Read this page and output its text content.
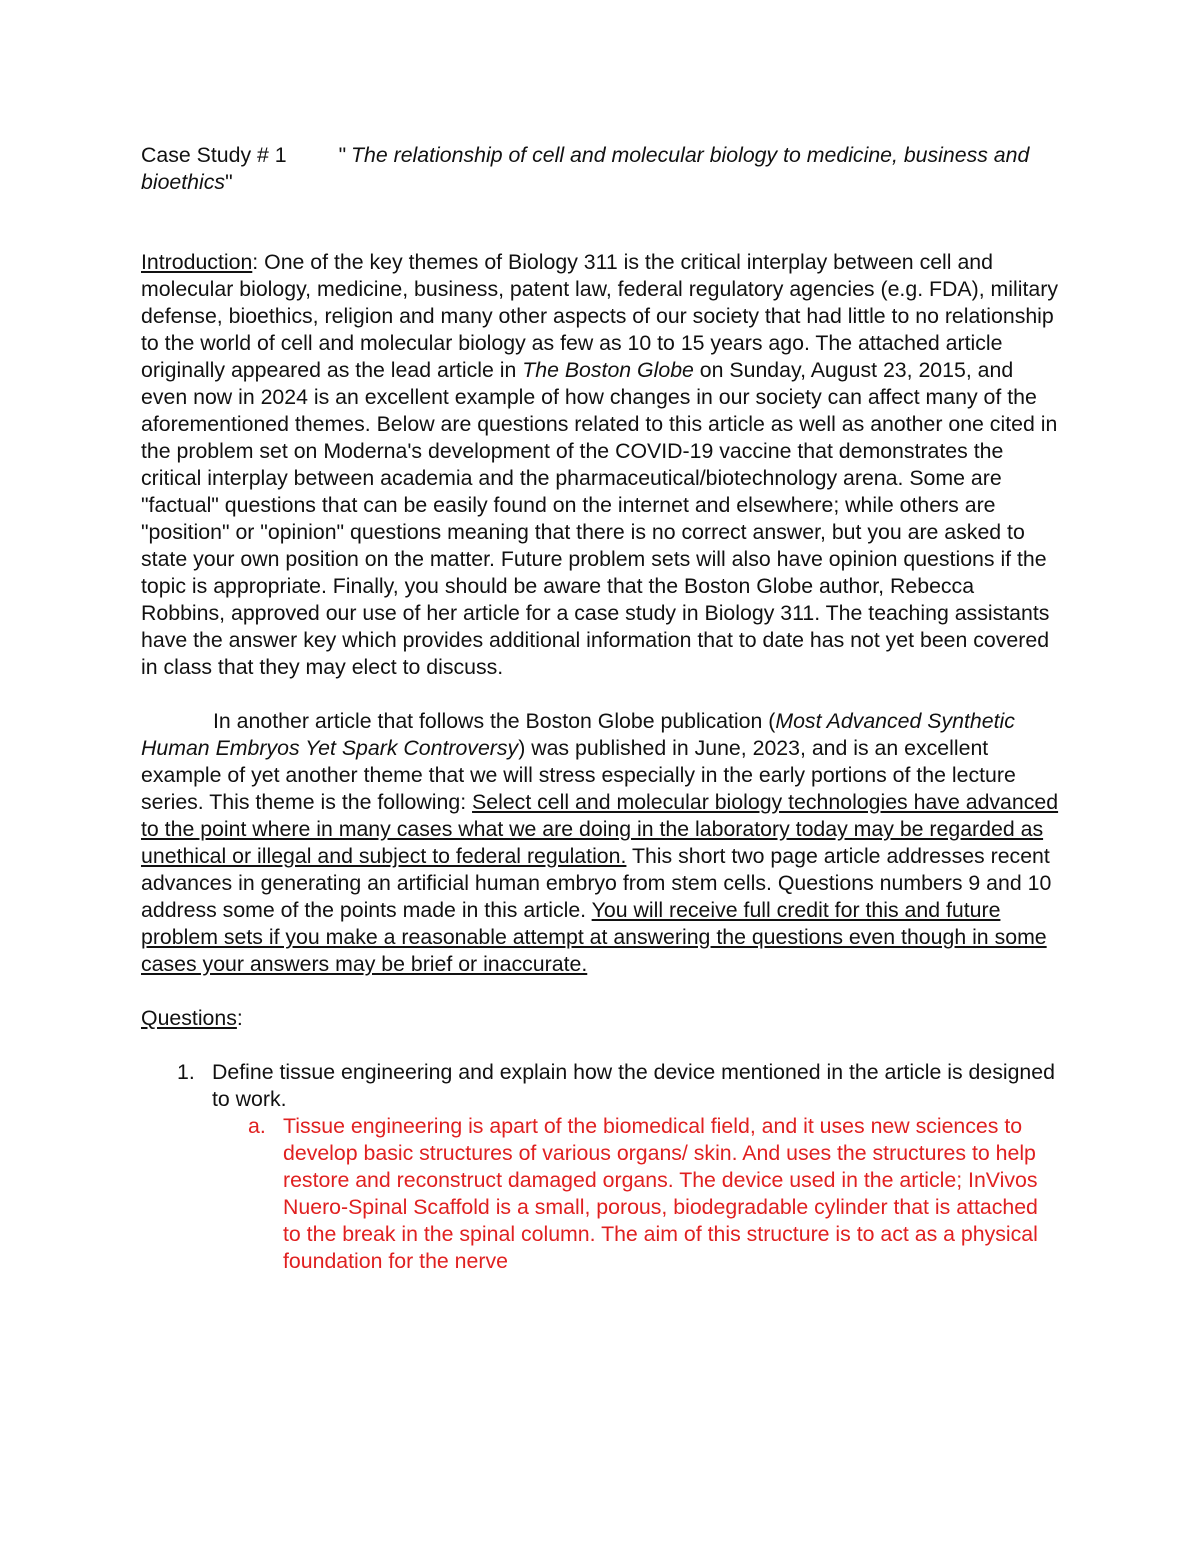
Case Study # 1 " The relationship of cell and molecular biology to medicine, business and bioethics"

Introduction: One of the key themes of Biology 311 is the critical interplay between cell and molecular biology, medicine, business, patent law, federal regulatory agencies (e.g. FDA), military defense, bioethics, religion and many other aspects of our society that had little to no relationship to the world of cell and molecular biology as few as 10 to 15 years ago. The attached article originally appeared as the lead article in The Boston Globe on Sunday, August 23, 2015, and even now in 2024 is an excellent example of how changes in our society can affect many of the aforementioned themes. Below are questions related to this article as well as another one cited in the problem set on Moderna's development of the COVID-19 vaccine that demonstrates the critical interplay between academia and the pharmaceutical/biotechnology arena. Some are "factual" questions that can be easily found on the internet and elsewhere; while others are "position" or "opinion" questions meaning that there is no correct answer, but you are asked to state your own position on the matter. Future problem sets will also have opinion questions if the topic is appropriate. Finally, you should be aware that the Boston Globe author, Rebecca Robbins, approved our use of her article for a case study in Biology 311. The teaching assistants have the answer key which provides additional information that to date has not yet been covered in class that they may elect to discuss.

In another article that follows the Boston Globe publication (Most Advanced Synthetic Human Embryos Yet Spark Controversy) was published in June, 2023, and is an excellent example of yet another theme that we will stress especially in the early portions of the lecture series. This theme is the following: Select cell and molecular biology technologies have advanced to the point where in many cases what we are doing in the laboratory today may be regarded as unethical or illegal and subject to federal regulation. This short two page article addresses recent advances in generating an artificial human embryo from stem cells. Questions numbers 9 and 10 address some of the points made in this article. You will receive full credit for this and future problem sets if you make a reasonable attempt at answering the questions even though in some cases your answers may be brief or inaccurate.

Questions:

1. Define tissue engineering and explain how the device mentioned in the article is designed to work.
a. Tissue engineering is apart of the biomedical field, and it uses new sciences to develop basic structures of various organs/ skin. And uses the structures to help restore and reconstruct damaged organs. The device used in the article; InVivos Nuero-Spinal Scaffold is a small, porous, biodegradable cylinder that is attached to the break in the spinal column. The aim of this structure is to act as a physical foundation for the nerve
